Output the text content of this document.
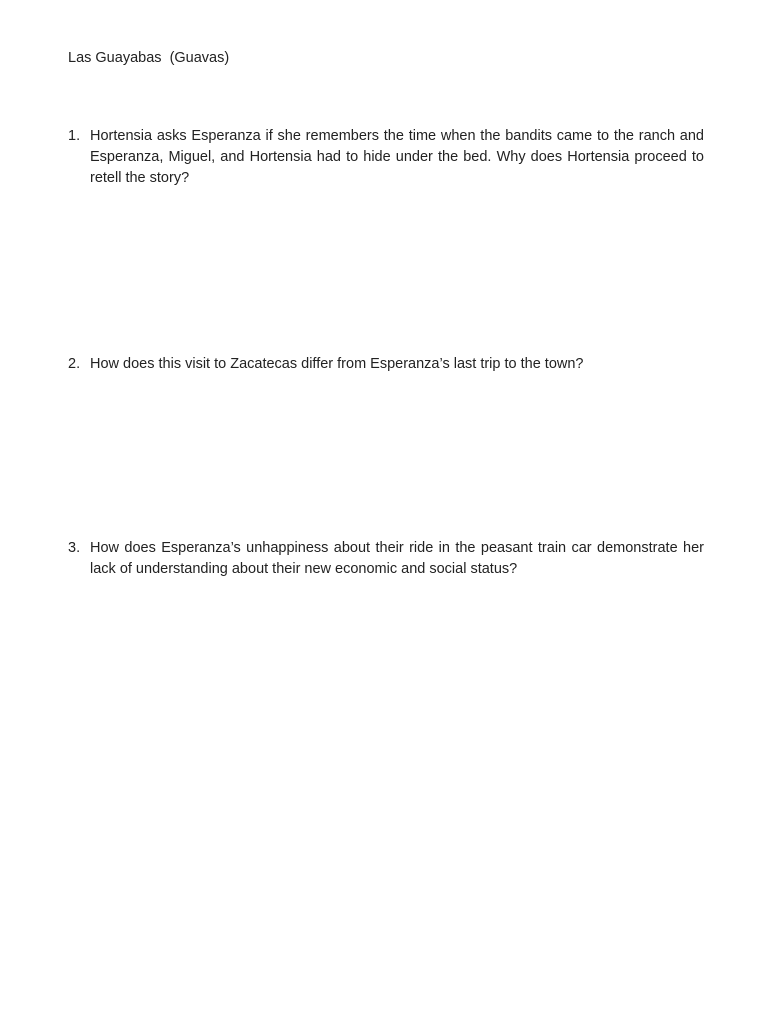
Las Guayabas  (Guavas)
1. Hortensia asks Esperanza if she remembers the time when the bandits came to the ranch and Esperanza, Miguel, and Hortensia had to hide under the bed. Why does Hortensia proceed to retell the story?
2. How does this visit to Zacatecas differ from Esperanza’s last trip to the town?
3. How does Esperanza’s unhappiness about their ride in the peasant train car demonstrate her lack of understanding about their new economic and social status?
